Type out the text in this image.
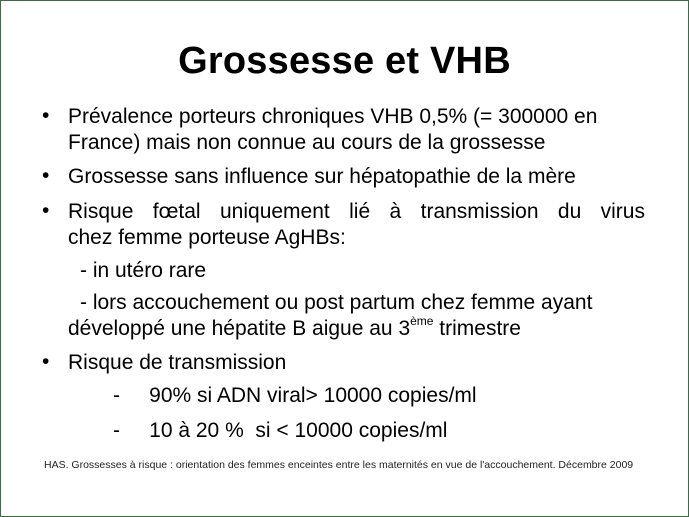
Grossesse et VHB
• Prévalence porteurs chroniques VHB 0,5% (= 300000 en
France) mais non connue au cours de la grossesse
• Grossesse sans influence sur hépatopathie de la mère
• Risque fœtal uniquement lié à transmission du virus
chez femme porteuse AgHBs:
- in utéro rare
- lors accouchement ou post partum chez femme ayant
développé une hépatite B aigue au 3ème trimestre
• Risque de transmission
-     90% si ADN viral> 10000 copies/ml
-     10 à 20 %  si < 10000 copies/ml
HAS. Grossesses à risque : orientation des femmes enceintes entre les maternités en vue de l'accouchement. Décembre 2009
